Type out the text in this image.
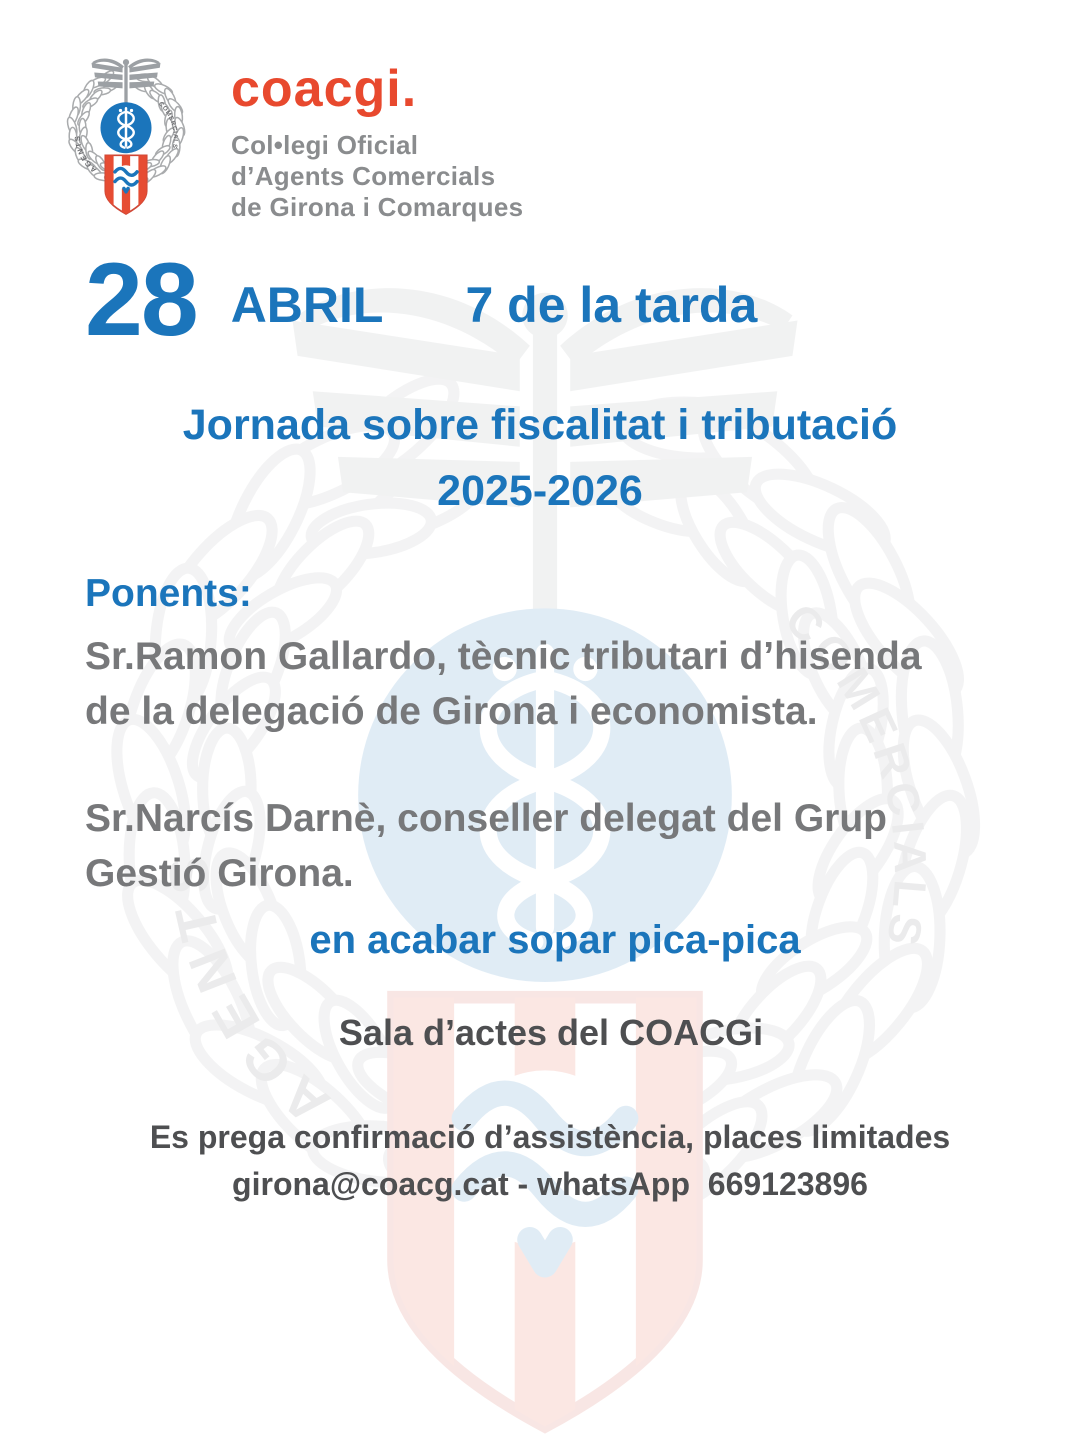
coacgi.
Col•legi Oficial
d’Agents Comercials
de Girona i Comarques
28 ABRIL 7 de la tarda
Jornada sobre fiscalitat i tributació
2025-2026
Ponents:
Sr.Ramon Gallardo, tècnic tributari d’hisenda
de la delegació de Girona i economista.
Sr.Narcís Darnè, conseller delegat del Grup
Gestió Girona.
en acabar sopar pica-pica
Sala d’actes del COACGi
Es prega confirmació d’assistència, places limitades
girona@coacg.cat - whatsApp  669123896
